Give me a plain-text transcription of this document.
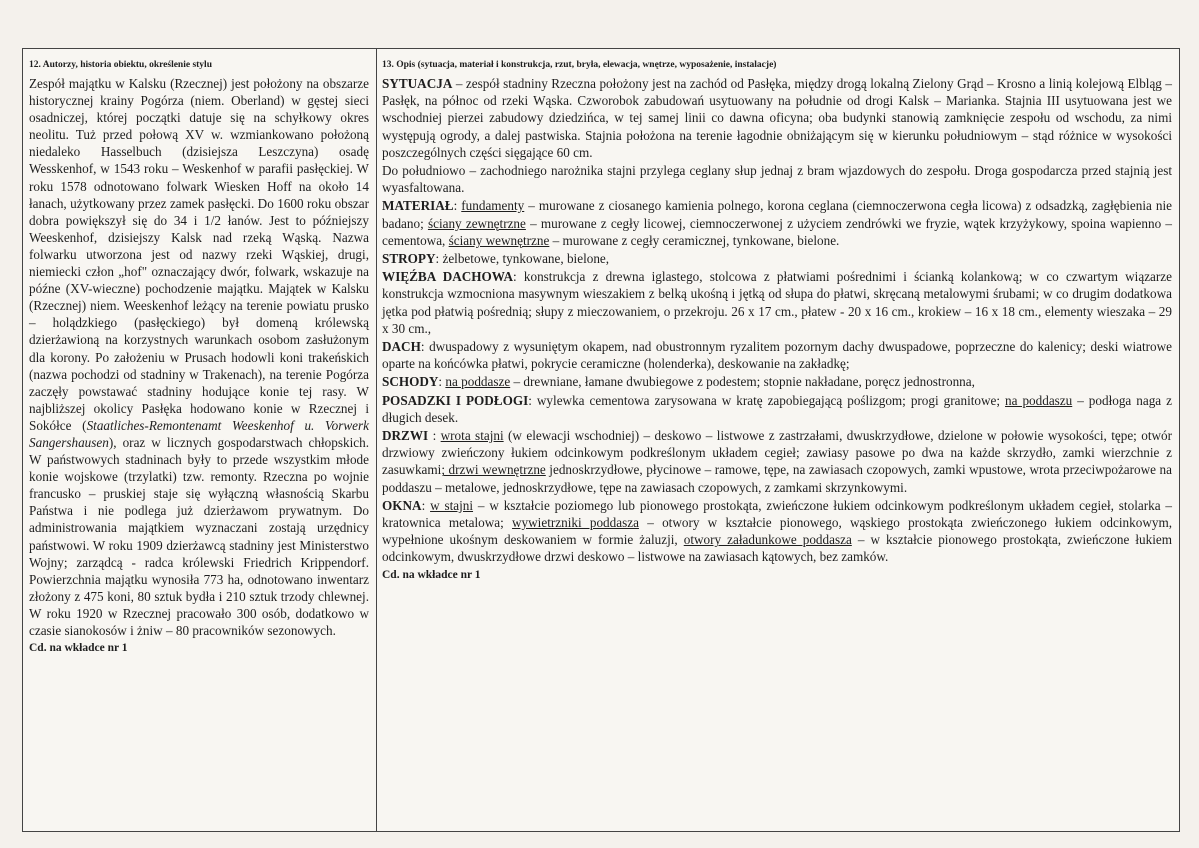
12. Autorzy, historia obiektu, określenie stylu
Zespół majątku w Kalsku (Rzecznej) jest położony na obszarze historycznej krainy Pogórza (niem. Oberland) w gęstej sieci osadniczej, której początki datuje się na schyłkowy okres neolitu. Tuż przed połową XV w. wzmiankowano położoną niedaleko Hasselbuch (dzisiejsza Leszczyna) osadę Wesskenhof, w 1543 roku – Weskenhof w parafii pasłęckiej. W roku 1578 odnotowano folwark Wiesken Hoff na około 14 łanach, użytkowany przez zamek pasłęcki. Do 1600 roku obszar dobra powiększył się do 34 i 1/2 łanów. Jest to późniejszy Weeskenhof, dzisiejszy Kalsk nad rzeką Wąską. Nazwa folwarku utworzona jest od nazwy rzeki Wąskiej, drugi, niemiecki człon „hof" oznaczający dwór, folwark, wskazuje na późne (XV-wieczne) pochodzenie majątku. Majątek w Kalsku (Rzecznej) niem. Weeskenhof leżący na terenie powiatu prusko – holądzkiego (pasłęckiego) był domeną królewską dzierżawioną na korzystnych warunkach osobom zasłużonym dla korony. Po założeniu w Prusach hodowli koni trakeńskich (nazwa pochodzi od stadniny w Trakenach), na terenie Pogórza zaczęły powstawać stadniny hodujące konie tej rasy. W najbliższej okolicy Pasłęka hodowano konie w Rzecznej i Sokółce (Staatliches-Remontenamt Weeskenhof u. Vorwerk Sangershausen), oraz w licznych gospodarstwach chłopskich. W państwowych stadninach były to przede wszystkim młode konie wojskowe (trzylatki) tzw. remonty. Rzeczna po wojnie francusko – pruskiej staje się wyłączną własnością Skarbu Państwa i nie podlega już dzierżawom prywatnym. Do administrowania majątkiem wyznaczani zostają urzędnicy państwowi. W roku 1909 dzierżawcą stadniny jest Ministerstwo Wojny; zarządcą - radca królewski Friedrich Krippendorf. Powierzchnia majątku wynosiła 773 ha, odnotowano inwentarz złożony z 475 koni, 80 sztuk bydła i 210 sztuk trzody chlewnej. W roku 1920 w Rzecznej pracowało 300 osób, dodatkowo w czasie sianokosów i żniw – 80 pracowników sezonowych.
Cd. na wkładce nr 1
13. Opis (sytuacja, materiał i konstrukcja, rzut, bryła, elewacja, wnętrze, wyposażenie, instalacje)

SYTUACJA – zespół stadniny Rzeczna położony jest na zachód od Pasłęka, między drogą lokalną Zielony Grąd – Krosno a linią kolejową Elbląg – Pasłęk, na północ od rzeki Wąska. Czworobok zabudowań usytuowany na południe od drogi Kalsk – Marianka. Stajnia III usytuowana jest we wschodniej pierzei zabudowy dziedzińca, w tej samej linii co dawna oficyna; oba budynki stanowią zamknięcie zespołu od wschodu, za nimi występują ogrody, a dalej pastwiska. Stajnia położona na terenie łagodnie obniżającym się w kierunku południowym – stąd różnice w wysokości poszczególnych części sięgające 60 cm.

Do południowo – zachodniego narożnika stajni przylega ceglany słup jednaj z bram wjazdowych do zespołu. Droga gospodarcza przed stajnią jest wyasfaltowana.

MATERIAŁ: fundamenty – murowane z ciosanego kamienia polnego, korona ceglana (ciemnoczerwona cegła licowa) z odsadzką, zagłębienia nie badano; ściany zewnętrzne – murowane z cegły licowej, ciemnoczerwonej z użyciem zendrówki we fryzie, wątek krzyżykowy, spoina wapienno – cementowa, ściany wewnętrzne – murowane z cegły ceramicznej, tynkowane, bielone.

STROPY: żelbetowe, tynkowane, bielone,

WIĘŹBA DACHOWA: konstrukcja z drewna iglastego, stolcowa z płatwiami pośrednimi i ścianką kolankową; w co czwartym wiązarze konstrukcja wzmocniona masywnym wieszakiem z belką ukośną i jętką od słupa do płatwi, skręcaną metalowymi śrubami; w co drugim dodatkowa jętka pod płatwią pośrednią; słupy z mieczowaniem, o przekroju. 26 x 17 cm., płatew - 20 x 16 cm., krokiew – 16 x 18 cm., elementy wieszaka – 29 x 30 cm.,

DACH: dwuspadowy z wysuniętym okapem, nad obustronnym ryzalitem pozornym dachy dwuspadowe, poprzeczne do kalenicy; deski wiatrowe oparte na końcówka płatwi, pokrycie ceramiczne (holenderka), deskowanie na zakładkę;

SCHODY: na poddasze – drewniane, łamane dwubiegowe z podestem; stopnie nakładane, poręcz jednostronna,

POSADZKI I PODŁOGI: wylewka cementowa zarysowana w kratę zapobiegającą poślizgom; progi granitowe; na poddaszu – podłoga naga z długich desek.

DRZWI : wrota stajni (w elewacji wschodniej) – deskowo – listwowe z zastrzałami, dwuskrzydłowe, dzielone w połowie wysokości, tępe; otwór drzwiowy zwieńczony łukiem odcinkowym podkreślonym układem cegieł; zawiasy pasowe po dwa na każde skrzydło, zamki wierzchnie z zasuwkami; drzwi wewnętrzne jednoskrzydłowe, płycinowe – ramowe, tępe, na zawiasach czopowych, zamki wpustowe, wrota przeciwpożarowe na poddaszu – metalowe, jednoskrzydłowe, tępe na zawiasach czopowych, z zamkami skrzynkowymi.

OKNA: w stajni – w kształcie poziomego lub pionowego prostokąta, zwieńczone łukiem odcinkowym podkreślonym układem cegieł, stolarka – kratownica metalowa; wywietrzniki poddasza – otwory w kształcie pionowego, wąskiego prostokąta zwieńczonego łukiem odcinkowym, wypełnione ukośnym deskowaniem w formie żaluzji, otwory załadunkowe poddasza – w kształcie pionowego prostokąta, zwieńczone łukiem odcinkowym, dwuskrzydłowe drzwi deskowo – listwowe na zawiasach kątowych, bez zamków.

Cd. na wkładce nr 1
